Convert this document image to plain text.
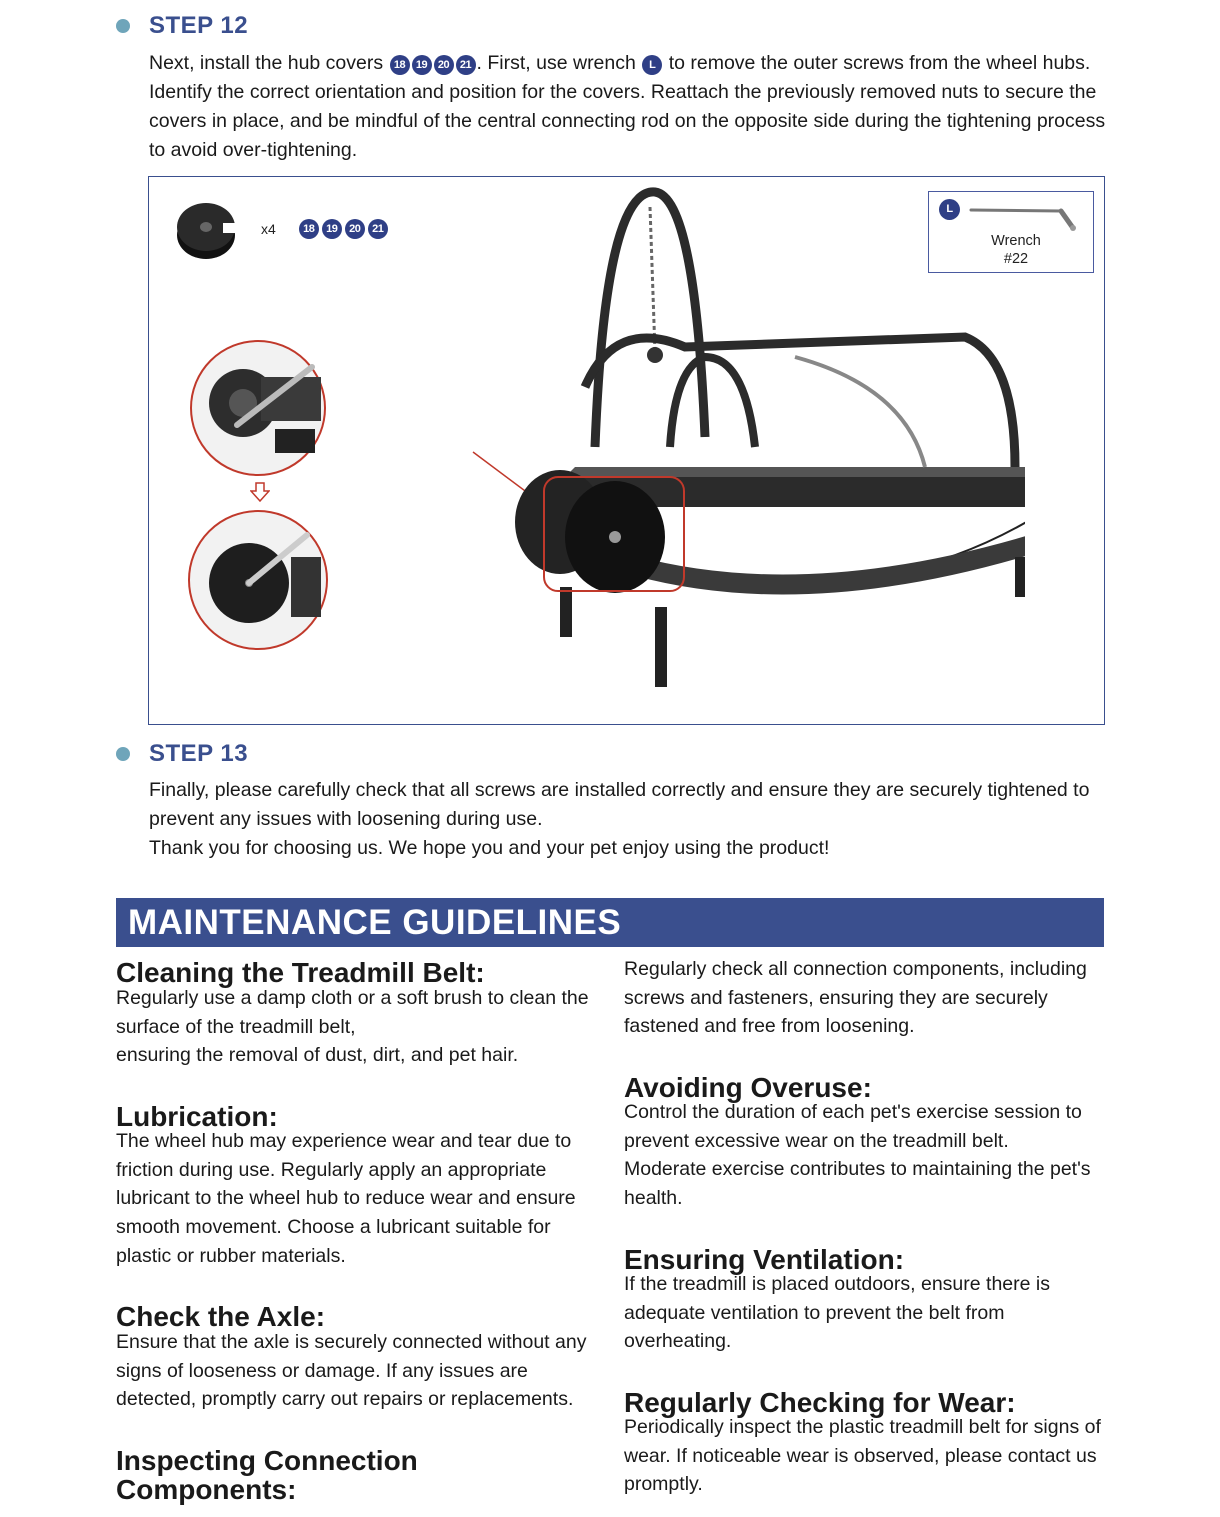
STEP 12
Next, install the hub covers 18 19 20 21 . First, use wrench L to remove the outer screws from the wheel hubs. Identify the correct orientation and position for the covers. Reattach the previously removed nuts to secure the covers in place, and be mindful of the central connecting rod on the opposite side during the tightening process to avoid over-tightening.
x4	18	19	20	21
L
Wrench
#22
STEP 13
Finally, please carefully check that all screws are installed correctly and ensure they are securely tightened to prevent any issues with loosening during use.
Thank you for choosing us. We hope you and your pet enjoy using the product!
MAINTENANCE GUIDELINES
Cleaning the Treadmill Belt:
Regularly use a damp cloth or a soft brush to clean the surface of the treadmill belt,
ensuring the removal of dust, dirt, and pet hair.
Lubrication:
The wheel hub may experience wear and tear due to friction during use. Regularly apply an appropriate lubricant to the wheel hub to reduce wear and ensure smooth movement. Choose a lubricant suitable for plastic or rubber materials.
Check the Axle:
Ensure that the axle is securely connected without any signs of looseness or damage. If any issues are detected, promptly carry out repairs or replacements.
Inspecting Connection Components:
Regularly check all connection components, including screws and fasteners, ensuring they are securely fastened and free from loosening.
Avoiding Overuse:
Control the duration of each pet's exercise session to prevent excessive wear on the treadmill belt. Moderate exercise contributes to maintaining the pet's health.
Ensuring Ventilation:
If the treadmill is placed outdoors, ensure there is adequate ventilation to prevent the belt from overheating.
Regularly Checking for Wear:
Periodically inspect the plastic treadmill belt for signs of wear. If noticeable wear is observed, please contact us promptly.
